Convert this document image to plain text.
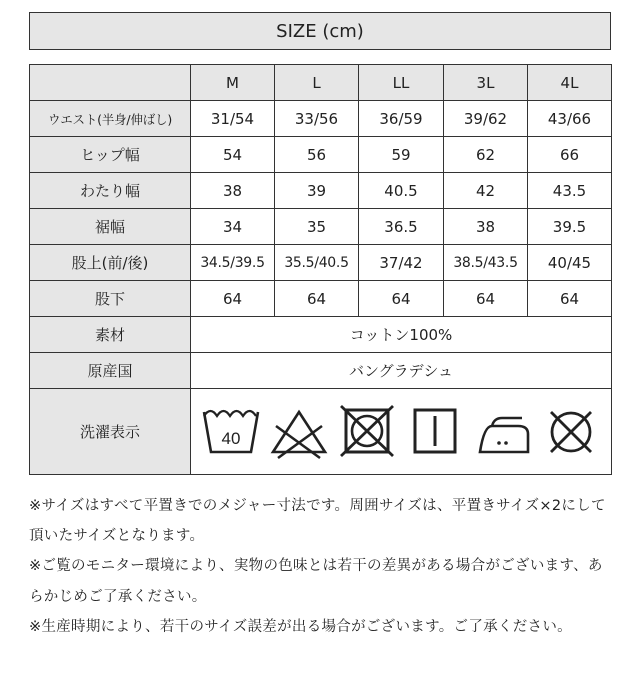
SIZE (cm)
	M	L	LL	3L	4L
ウエスト(半身/伸ばし)	31/54	33/56	36/59	39/62	43/66
ヒップ幅	54	56	59	62	66
わたり幅	38	39	40.5	42	43.5
裾幅	34	35	36.5	38	39.5
股上(前/後)	34.5/39.5	35.5/40.5	37/42	38.5/43.5	40/45
股下	64	64	64	64	64
素材	コットン100%				
原産国	バングラデシュ				
洗濯表示	40				

※サイズはすべて平置きでのメジャー寸法です。周囲サイズは、平置きサイズ×2にして頂いたサイズとなります。

※ご覧のモニター環境により、実物の色味とは若干の差異がある場合がございます、あらかじめご了承ください。

※生産時期により、若干のサイズ誤差が出る場合がございます。ご了承ください。
